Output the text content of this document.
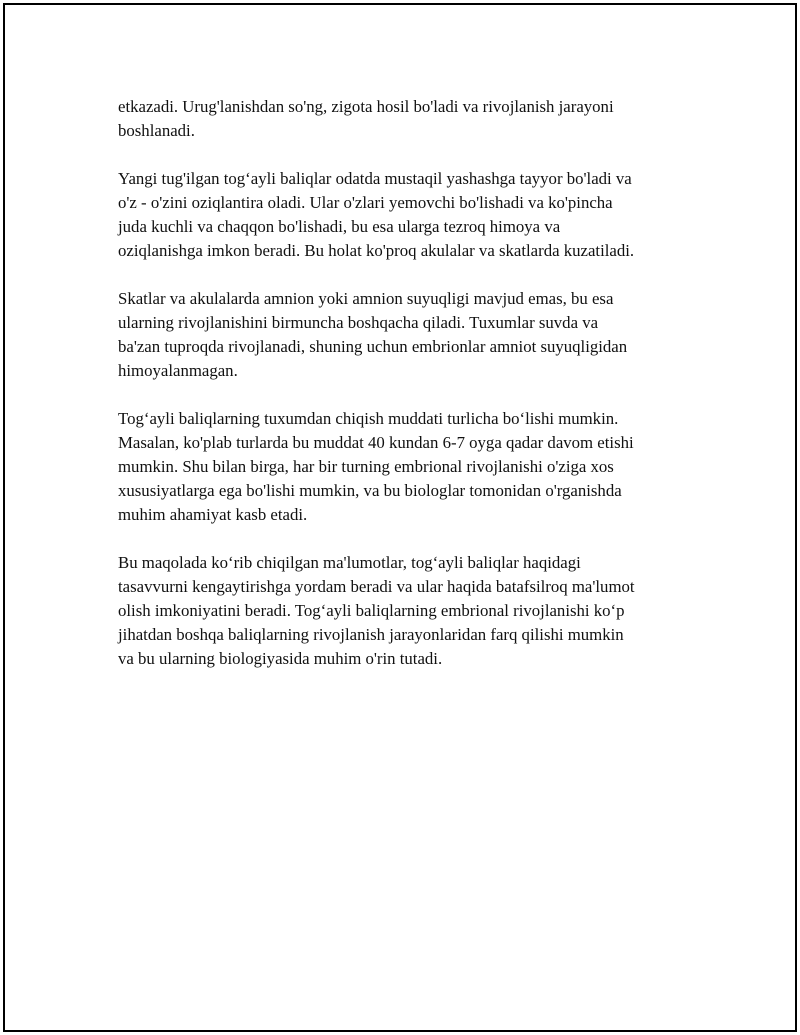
etkazadi. Urug'lanishdan so'ng, zigota hosil bo'ladi va rivojlanish jarayoni
boshlanadi.
Yangi tug'ilgan tog‘ayli baliqlar odatda mustaqil yashashga tayyor bo'ladi va
o'z - o'zini oziqlantira oladi. Ular o'zlari yemovchi bo'lishadi va ko'pincha
juda kuchli va chaqqon bo'lishadi, bu esa ularga tezroq himoya va
oziqlanishga imkon beradi. Bu holat ko'proq akulalar va skatlarda kuzatiladi.
Skatlar va akulalarda amnion yoki amnion suyuqligi mavjud emas, bu esa
ularning rivojlanishini birmuncha boshqacha qiladi. Tuxumlar suvda va
ba'zan tuproqda rivojlanadi, shuning uchun embrionlar amniot suyuqligidan
himoyalanmagan.
Tog‘ayli baliqlarning tuxumdan chiqish muddati turlicha bo‘lishi mumkin.
Masalan, ko'plab turlarda bu muddat 40 kundan 6-7 oyga qadar davom etishi
mumkin. Shu bilan birga, har bir turning embrional rivojlanishi o'ziga xos
xususiyatlarga ega bo'lishi mumkin, va bu biologlar tomonidan o'rganishda
muhim ahamiyat kasb etadi.
Bu maqolada ko‘rib chiqilgan ma'lumotlar, tog‘ayli baliqlar haqidagi
tasavvurni kengaytirishga yordam beradi va ular haqida batafsilroq ma'lumot
olish imkoniyatini beradi. Tog‘ayli baliqlarning embrional rivojlanishi ko‘p
jihatdan boshqa baliqlarning rivojlanish jarayonlaridan farq qilishi mumkin
va bu ularning biologiyasida muhim o'rin tutadi.
